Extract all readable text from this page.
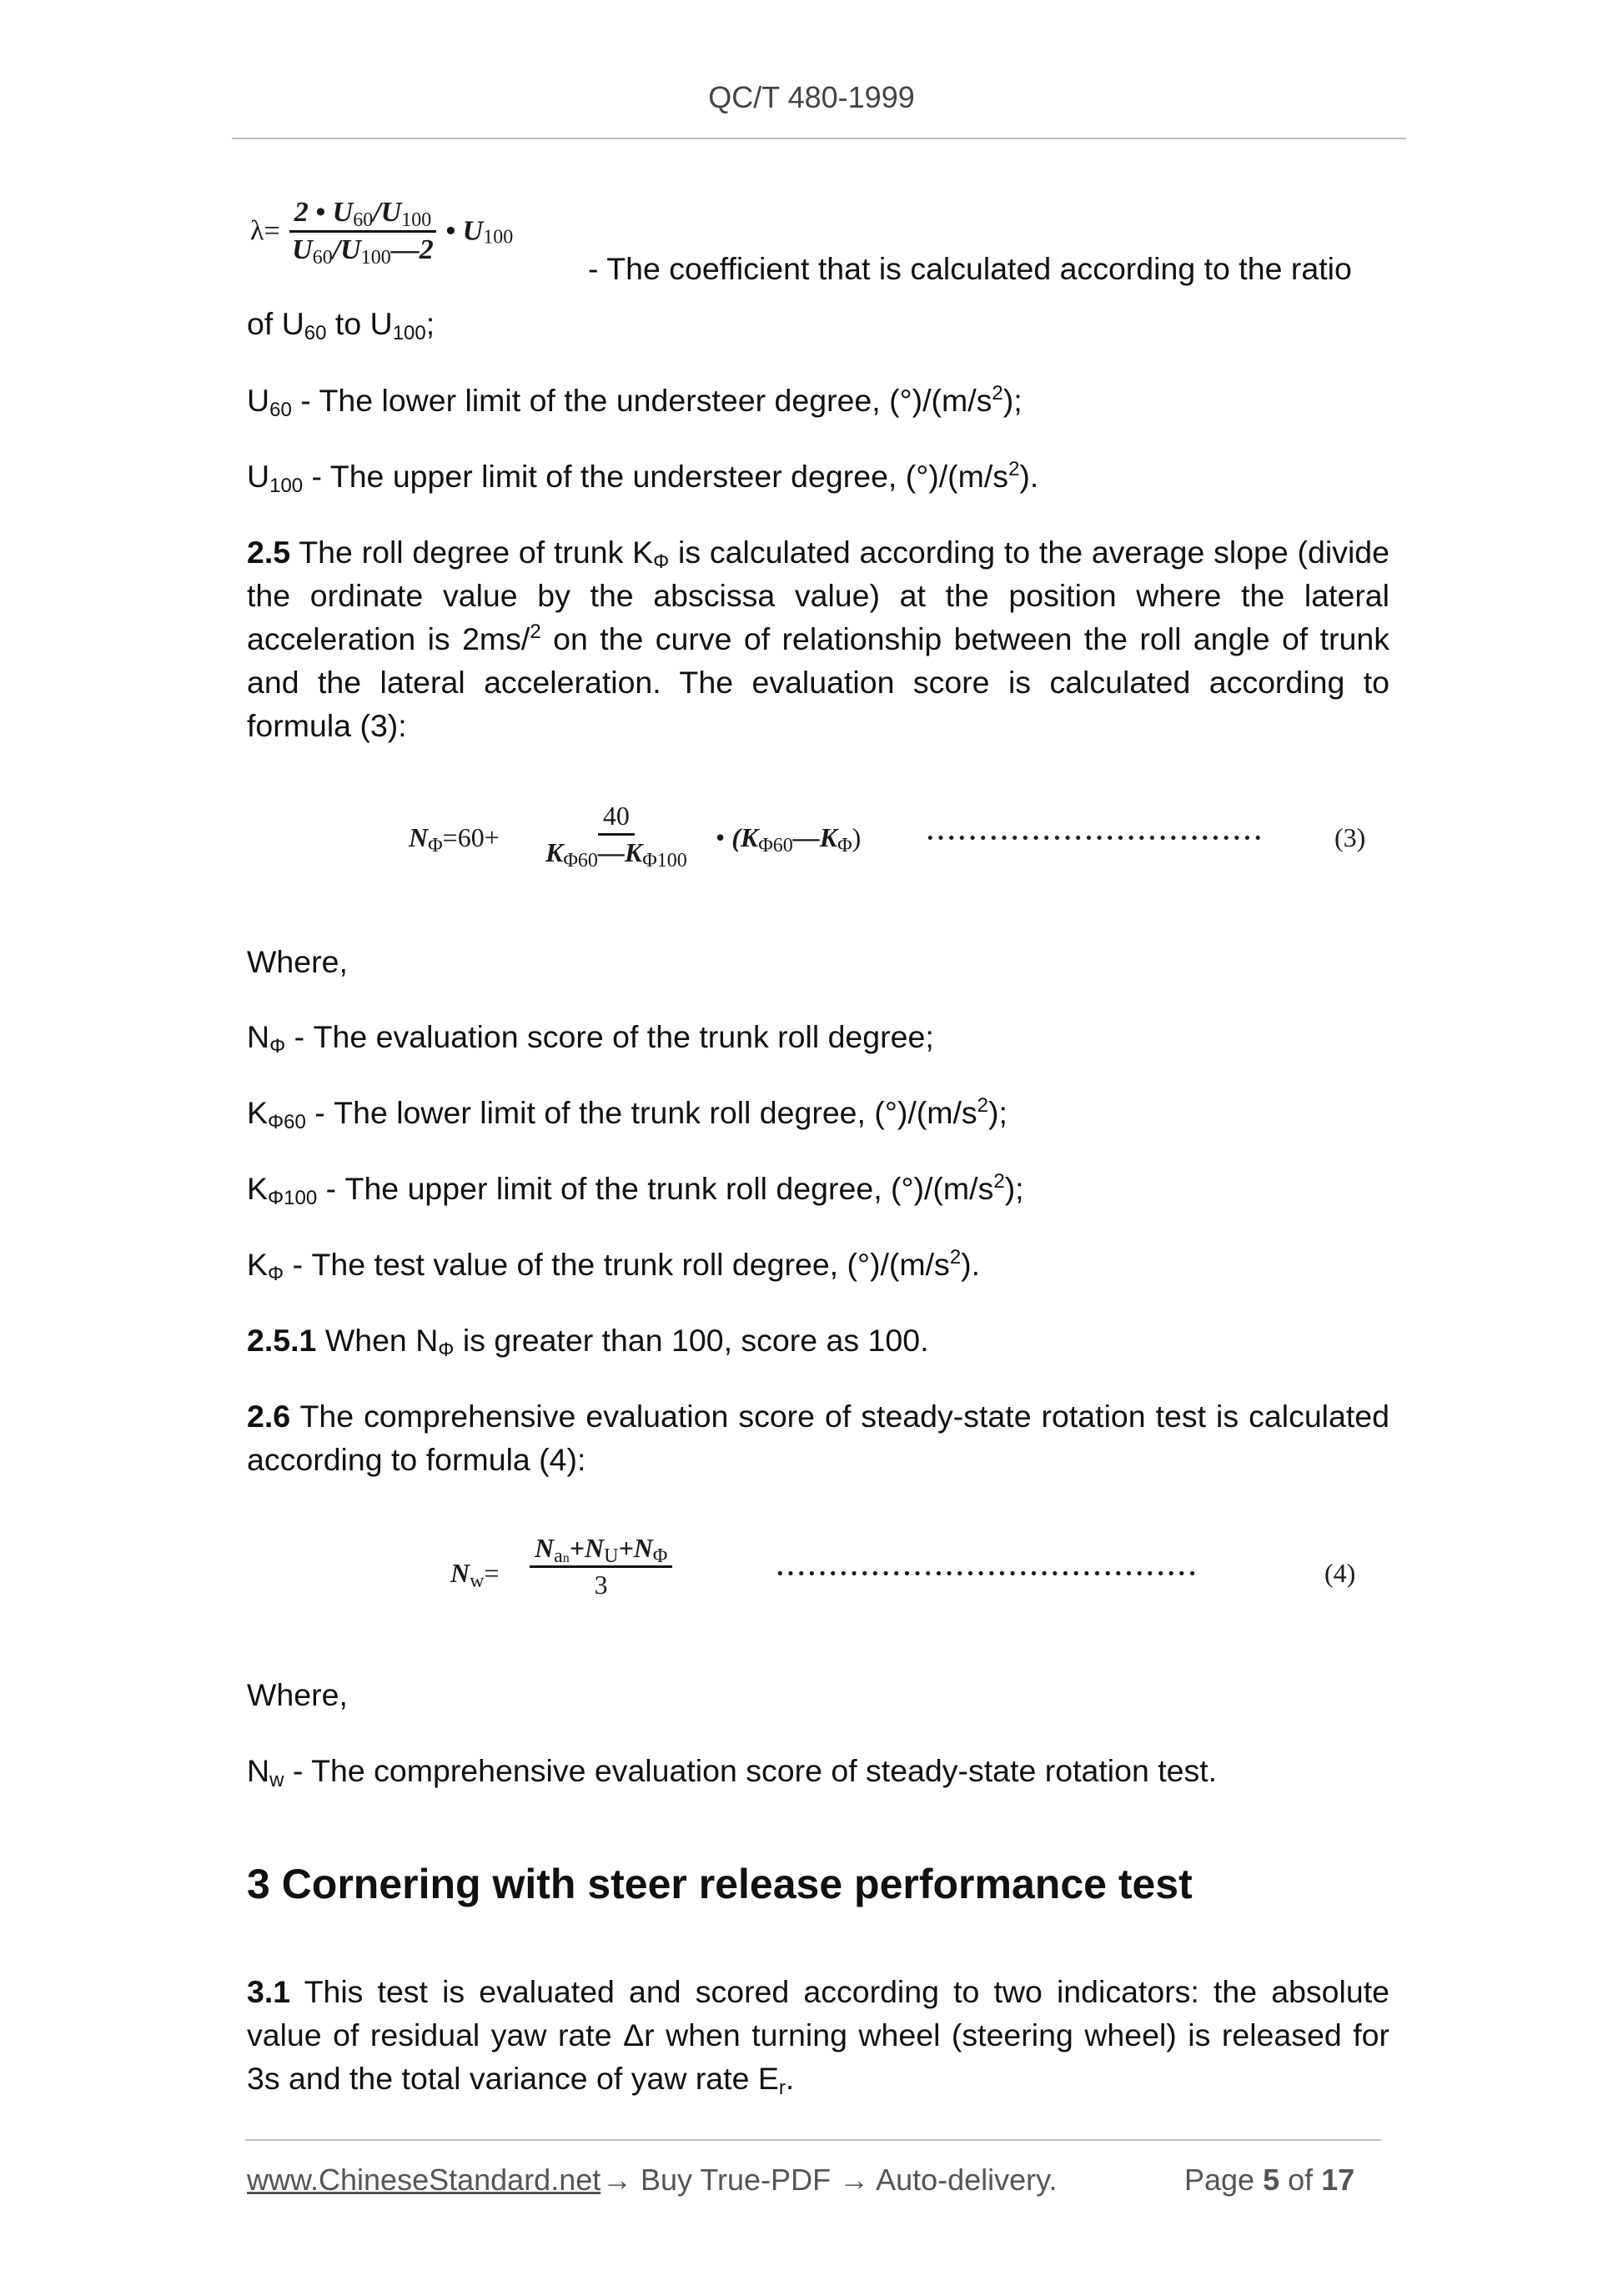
QC/T 480-1999
$\lambda= \frac{2 • U_{60}/U_{100}}{U_{60}/U_{100}—2}$ • $U_{100}$
- The coefficient that is calculated according to the ratio
of $U_{60}$ to $U_{100}$;
$U_{60}$ - The lower limit of the understeer degree, $(^\circ)/(m/s^2)$;
$U_{100}$ - The upper limit of the understeer degree, $(^\circ)/(m/s^2)$.
2.5 The roll degree of trunk $K_\Phi$ is calculated according to the average slope (divide the ordinate value by the abscissa value) at the position where the lateral acceleration is 2ms/$^2$ on the curve of relationship between the roll angle of trunk and the lateral acceleration. The evaluation score is calculated according to formula (3):
$N_\Phi=60+ \frac{40}{K_{\Phi 60}—K_{\Phi 100}}$ • $(K_{\Phi 60}—K_\Phi)$ ································	(3)
Where,
$N_\Phi$ - The evaluation score of the trunk roll degree;
$K_{\Phi 60}$ - The lower limit of the trunk roll degree, $(^\circ)/(m/s^2)$;
$K_{\Phi 100}$ - The upper limit of the trunk roll degree, $(^\circ)/(m/s^2)$;
$K_\Phi$ - The test value of the trunk roll degree, $(^\circ)/(m/s^2)$.
2.5.1 When $N_\Phi$ is greater than 100, score as 100.
2.6 The comprehensive evaluation score of steady-state rotation test is calculated according to formula (4):
$N_w=$
$N_{an}+N_U+N_\Phi$
3	········································	(4)
Where,
$N_w$ - The comprehensive evaluation score of steady-state rotation test.
3 Cornering with steer release performance test
3.1 This test is evaluated and scored according to two indicators: the absolute value of residual yaw rate Δr when turning wheel (steering wheel) is released for 3s and the total variance of yaw rate $E_r$.
www.ChineseStandard.net → Buy True-PDF → Auto-delivery.	Page 5 of 17
